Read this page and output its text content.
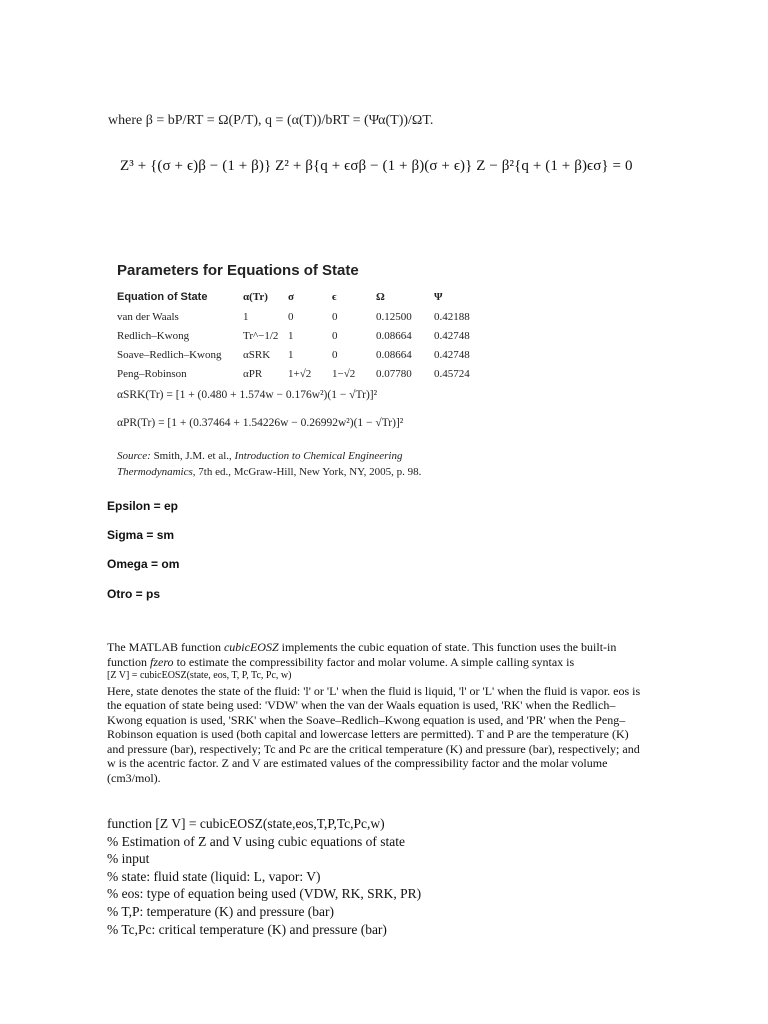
where β = bP/RT = Ω(P/T), q = (α(T))/bRT = (Ψα(T))/ΩT.
Z³ + {(σ + ϵ)β − (1 + β)} Z² + β{q + ϵσβ − (1 + β)(σ + ϵ)} Z − β²{q + (1 + β)ϵσ} = 0
Parameters for Equations of State
Equation of State	α(Tr)	σ	ϵ	Ω	Ψ
van der Waals	1	0	0	0.12500	0.42188
Redlich–Kwong	Tr^−1/2	1	0	0.08664	0.42748
Soave–Redlich–Kwong	αSRK	1	0	0.08664	0.42748
Peng–Robinson	αPR	1+√2	1−√2	0.07780	0.45724
αSRK(Tr) = [1 + (0.480 + 1.574w − 0.176w²)(1 − √Tr)]²
αPR(Tr) = [1 + (0.37464 + 1.54226w − 0.26992w²)(1 − √Tr)]²
Source: Smith, J.M. et al., Introduction to Chemical Engineering Thermodynamics, 7th ed., McGraw-Hill, New York, NY, 2005, p. 98.
Epsilon = ep
Sigma = sm
Omega = om
Otro = ps

The MATLAB function cubicEOSZ implements the cubic equation of state. This function uses the built-in function fzero to estimate the compressibility factor and molar volume. A simple calling syntax is

[Z V] = cubicEOSZ(state, eos, T, P, Tc, Pc, w)

Here, state denotes the state of the fluid: 'l' or 'L' when the fluid is liquid, 'l' or 'L' when the fluid is vapor. eos is the equation of state being used: 'VDW' when the van der Waals equation is used, 'RK' when the Redlich–Kwong equation is used, 'SRK' when the Soave–Redlich–Kwong equation is used, and 'PR' when the Peng–Robinson equation is used (both capital and lowercase letters are permitted). T and P are the temperature (K) and pressure (bar), respectively; Tc and Pc are the critical temperature (K) and pressure (bar), respectively; and w is the acentric factor. Z and V are estimated values of the compressibility factor and the molar volume (cm3/mol).

function [Z V] = cubicEOSZ(state,eos,T,P,Tc,Pc,w)
% Estimation of Z and V using cubic equations of state
% input
% state: fluid state (liquid: L, vapor: V)
% eos: type of equation being used (VDW, RK, SRK, PR)
% T,P: temperature (K) and pressure (bar)
% Tc,Pc: critical temperature (K) and pressure (bar)
